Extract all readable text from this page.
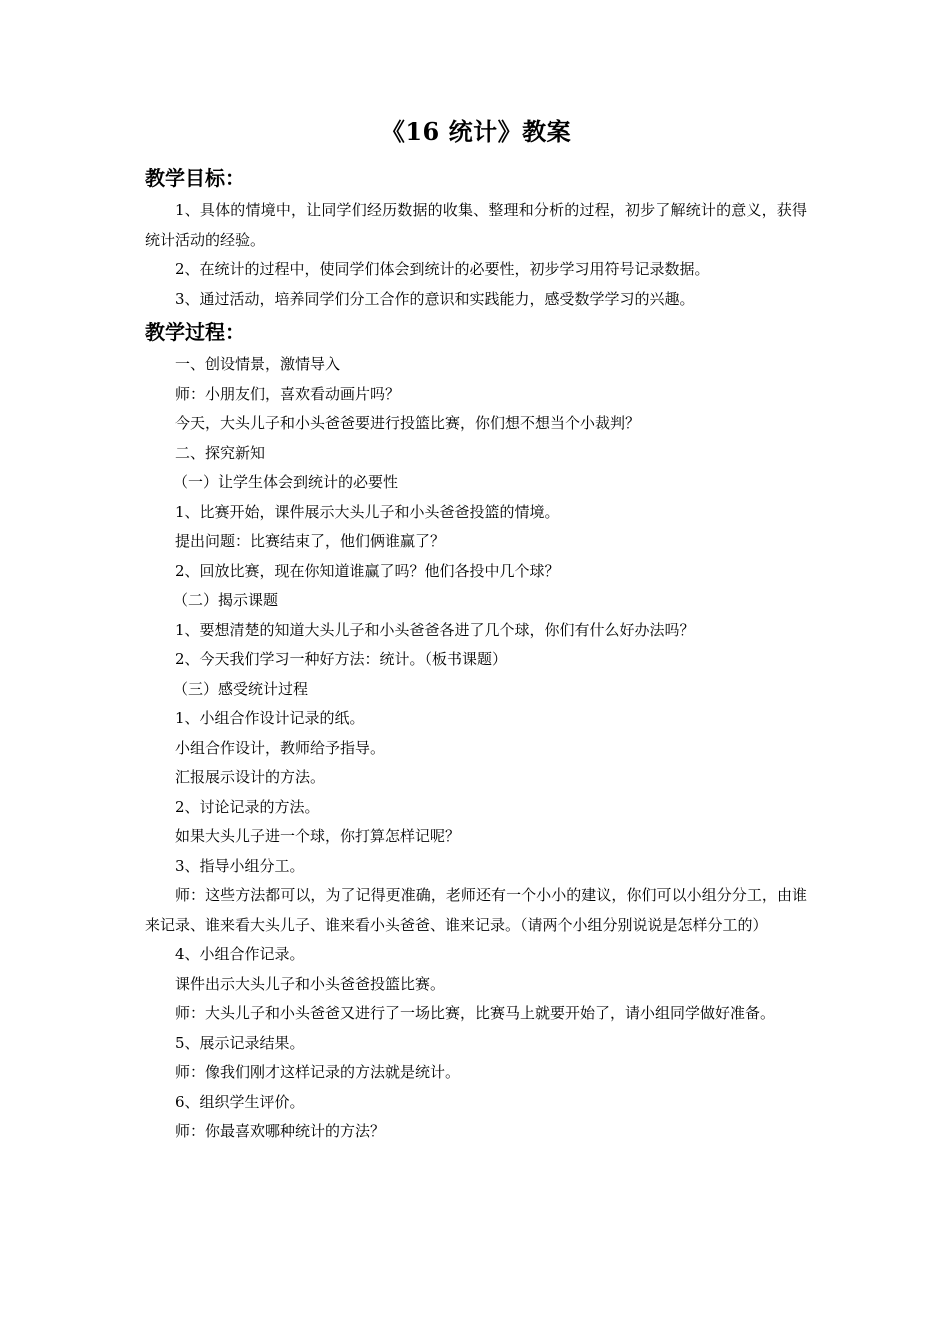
《16 统计》教案
教学目标：

1、具体的情境中，让同学们经历数据的收集、整理和分析的过程，初步了解统计的意义，获得统计活动的经验。

2、在统计的过程中，使同学们体会到统计的必要性，初步学习用符号记录数据。

3、通过活动，培养同学们分工合作的意识和实践能力，感受数学学习的兴趣。

教学过程：

一、创设情景，激情导入

师：小朋友们，喜欢看动画片吗？

今天，大头儿子和小头爸爸要进行投篮比赛，你们想不想当个小裁判？

二、探究新知

（一）让学生体会到统计的必要性

1、比赛开始，课件展示大头儿子和小头爸爸投篮的情境。

提出问题：比赛结束了，他们俩谁赢了？

2、回放比赛，现在你知道谁赢了吗？他们各投中几个球？

（二）揭示课题

1、要想清楚的知道大头儿子和小头爸爸各进了几个球，你们有什么好办法吗？

2、今天我们学习一种好方法：统计。（板书课题）

（三）感受统计过程

1、小组合作设计记录的纸。

小组合作设计，教师给予指导。

汇报展示设计的方法。

2、讨论记录的方法。

如果大头儿子进一个球，你打算怎样记呢？

3、指导小组分工。

师：这些方法都可以，为了记得更准确，老师还有一个小小的建议，你们可以小组分分工，由谁来记录、谁来看大头儿子、谁来看小头爸爸、谁来记录。（请两个小组分别说说是怎样分工的）

4、小组合作记录。

课件出示大头儿子和小头爸爸投篮比赛。

师：大头儿子和小头爸爸又进行了一场比赛，比赛马上就要开始了，请小组同学做好准备。

5、展示记录结果。

师：像我们刚才这样记录的方法就是统计。

6、组织学生评价。

师：你最喜欢哪种统计的方法？
